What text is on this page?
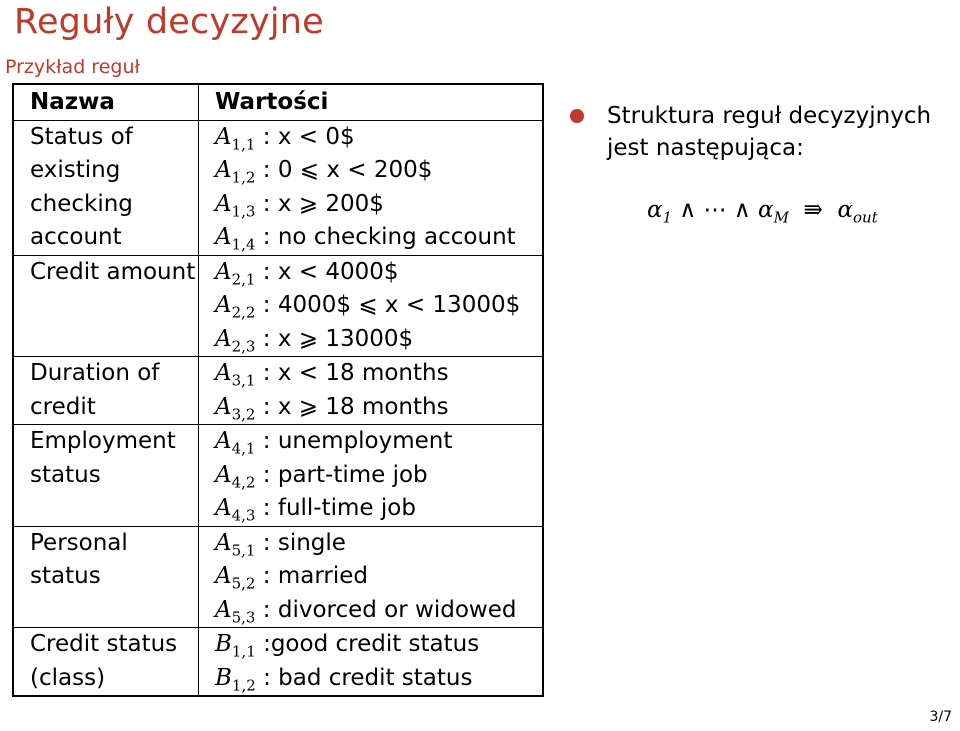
Reguły decyzyjne
Przykład reguł
Nazwa	Wartości
Status of existing checking account	$A_{1,1}$ : x < 0$
$A_{1,2}$ : 0 ⩽ x < 200$
$A_{1,3}$ : x ⩾ 200$
$A_{1,4}$ : no checking account

Credit amount	$A_{2,1}$ : x < 4000$
$A_{2,2}$ : 4000$ ⩽ x < 13000$
$A_{2,3}$ : x ⩾ 13000$

Duration of credit	$A_{3,1}$ : x < 18 months
$A_{3,2}$ : x ⩾ 18 months

Employment status	$A_{4,1}$ : unemployment
$A_{4,2}$ : part-time job
$A_{4,3}$ : full-time job

Personal status	$A_{5,1}$ : single
$A_{5,2}$ : married
$A_{5,3}$ : divorced or widowed

Credit status (class)	$B_{1,1}$ :good credit status
$B_{1,2}$ : bad credit status
Struktura reguł decyzyjnych jest następująca:
$\alpha_1$ ∧ ⋯ ∧ $\alpha_M$ ⇛ $\alpha_{out}$
3/7
